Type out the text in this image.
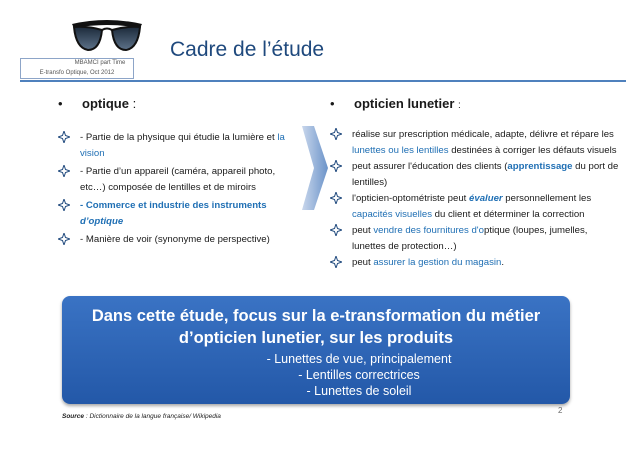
MBAMCI part Time
E-transfo Optique, Oct 2012
Cadre de l’étude
• optique :
- Partie de la physique qui étudie la lumière et la vision
- Partie d’un appareil (caméra, appareil photo, etc…) composée de lentilles et de miroirs
- Commerce et industrie des instruments d’optique
- Manière de voir (synonyme de perspective)
• opticien lunetier :
réalise sur prescription médicale, adapte, délivre et répare les lunettes ou les lentilles destinées à corriger les défauts visuels
peut assurer l'éducation des clients (apprentissage du port de lentilles)
l'opticien-optométriste peut évaluer personnellement les capacités visuelles du client et déterminer la correction
peut vendre des fournitures d'optique (loupes, jumelles, lunettes de protection…)
peut assurer la gestion du magasin.
Dans cette étude, focus sur la e-transformation du métier
d’opticien lunetier, sur les produits
- Lunettes de vue, principalement
- Lentilles correctrices
- Lunettes de soleil
Source : Dictionnaire de la langue française/ Wikipedia
2
